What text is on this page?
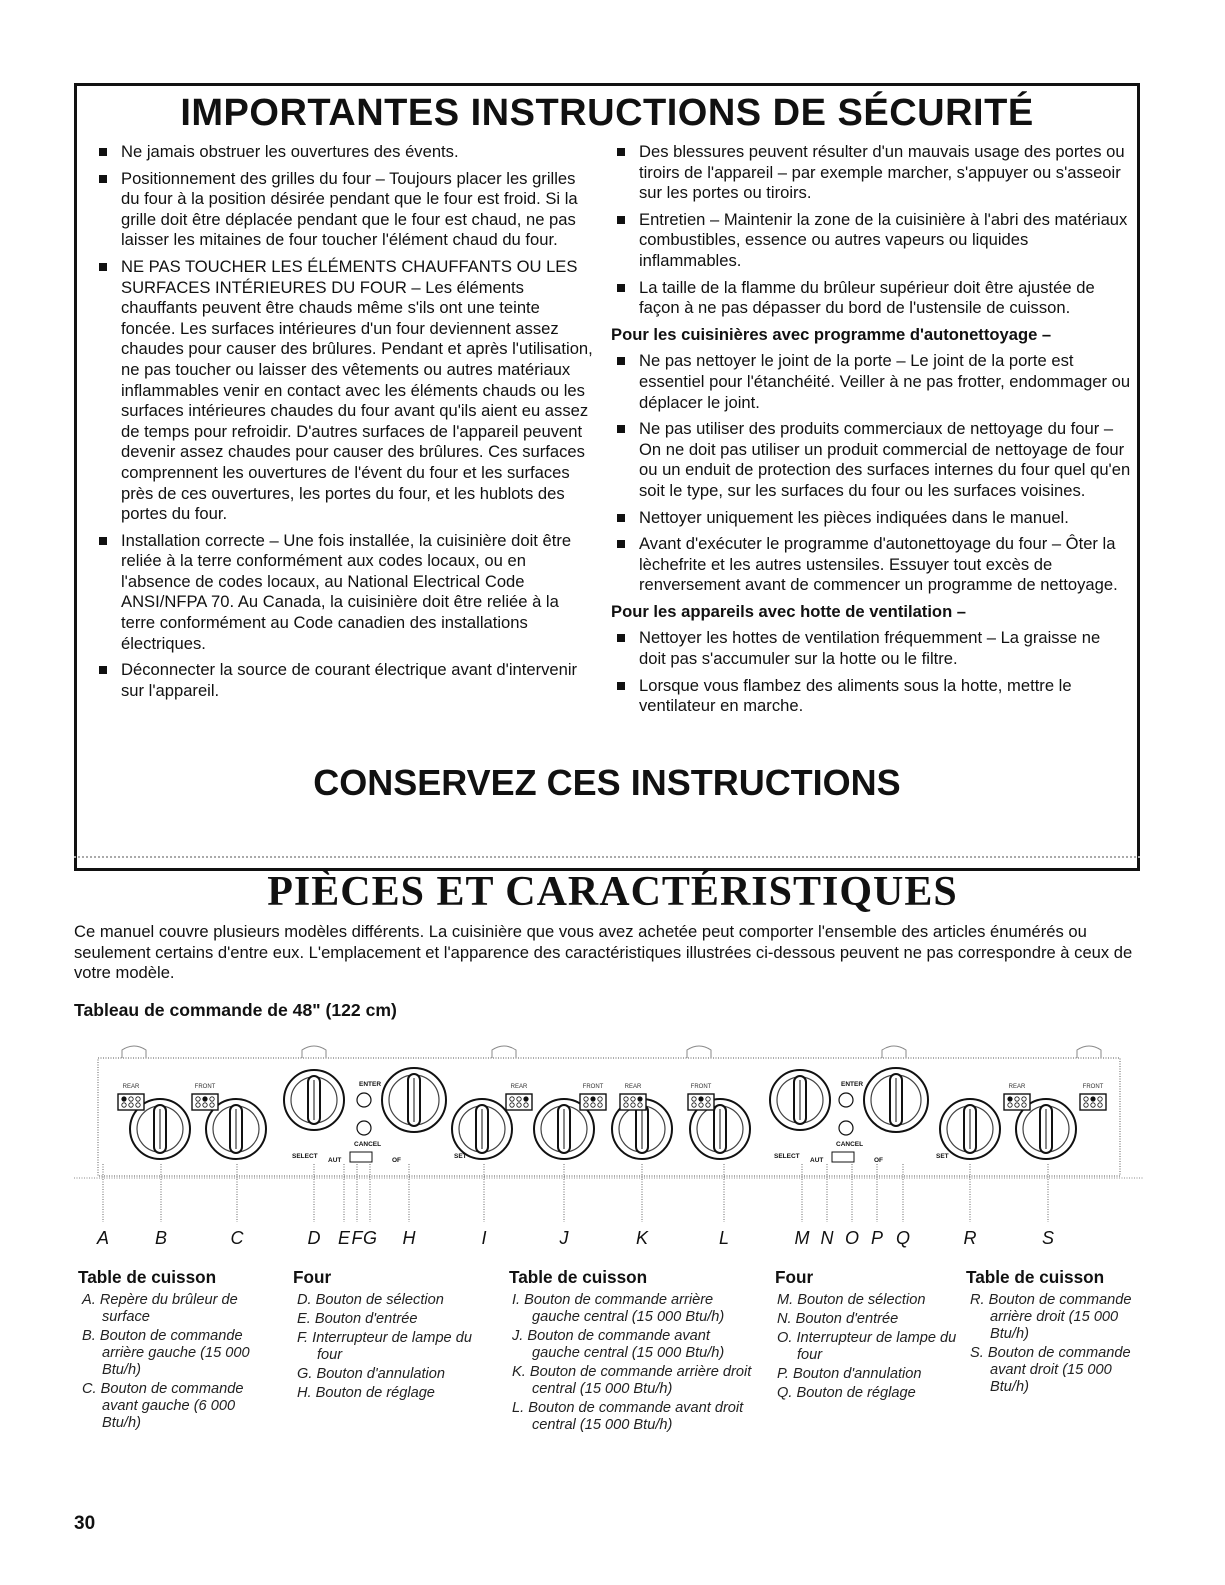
IMPORTANTES INSTRUCTIONS DE SÉCURITÉ
Ne jamais obstruer les ouvertures des évents.
Positionnement des grilles du four – Toujours placer les grilles du four à la position désirée pendant que le four est froid. Si la grille doit être déplacée pendant que le four est chaud, ne pas laisser les mitaines de four toucher l'élément chaud du four.
NE PAS TOUCHER LES ÉLÉMENTS CHAUFFANTS OU LES SURFACES INTÉRIEURES DU FOUR – Les éléments chauffants peuvent être chauds même s'ils ont une teinte foncée. Les surfaces intérieures d'un four deviennent assez chaudes pour causer des brûlures. Pendant et après l'utilisation, ne pas toucher ou laisser des vêtements ou autres matériaux inflammables venir en contact avec les éléments chauds ou les surfaces intérieures chaudes du four avant qu'ils aient eu assez de temps pour refroidir. D'autres surfaces de l'appareil peuvent devenir assez chaudes pour causer des brûlures. Ces surfaces comprennent les ouvertures de l'évent du four et les surfaces près de ces ouvertures, les portes du four, et les hublots des portes du four.
Installation correcte – Une fois installée, la cuisinière doit être reliée à la terre conformément aux codes locaux, ou en l'absence de codes locaux, au National Electrical Code ANSI/NFPA 70. Au Canada, la cuisinière doit être reliée à la terre conformément au Code canadien des installations électriques.
Déconnecter la source de courant électrique avant d'intervenir sur l'appareil.
Des blessures peuvent résulter d'un mauvais usage des portes ou tiroirs de l'appareil – par exemple marcher, s'appuyer ou s'asseoir sur les portes ou tiroirs.
Entretien – Maintenir la zone de la cuisinière à l'abri des matériaux combustibles, essence ou autres vapeurs ou liquides inflammables.
La taille de la flamme du brûleur supérieur doit être ajustée de façon à ne pas dépasser du bord de l'ustensile de cuisson.
Pour les cuisinières avec programme d'autonettoyage –
Ne pas nettoyer le joint de la porte – Le joint de la porte est essentiel pour l'étanchéité. Veiller à ne pas frotter, endommager ou déplacer le joint.
Ne pas utiliser des produits commerciaux de nettoyage du four – On ne doit pas utiliser un produit commercial de nettoyage de four ou un enduit de protection des surfaces internes du four quel qu'en soit le type, sur les surfaces du four ou les surfaces voisines.
Nettoyer uniquement les pièces indiquées dans le manuel.
Avant d'exécuter le programme d'autonettoyage du four – Ôter la lèchefrite et les autres ustensiles. Essuyer tout excès de renversement avant de commencer un programme de nettoyage.
Pour les appareils avec hotte de ventilation –
Nettoyer les hottes de ventilation fréquemment – La graisse ne doit pas s'accumuler sur la hotte ou le filtre.
Lorsque vous flambez des aliments sous la hotte, mettre le ventilateur en marche.
CONSERVEZ CES INSTRUCTIONS
PIÈCES ET CARACTÉRISTIQUES
Ce manuel couvre plusieurs modèles différents. La cuisinière que vous avez achetée peut comporter l'ensemble des articles énumérés ou seulement certains d'entre eux. L'emplacement et l'apparence des caractéristiques illustrées ci-dessous peuvent ne pas correspondre à ceux de votre modèle.
Tableau de commande de 48" (122 cm)
REAR	FRONT	REAR	FRONT	REAR	FRONT	REAR	FRONT
ENTER
CANCEL
SELECT	SET
AUT	OF
ENTER
CANCEL
SELECT	SET
AUT	OF
A	B	C	D E F G H	I	J	K	L	M N O P Q	R	S
Table de cuisson
A. Repère du brûleur de surface
B. Bouton de commande arrière gauche (15 000 Btu/h)
C. Bouton de commande avant gauche (6 000 Btu/h)
Four
D. Bouton de sélection
E. Bouton d'entrée
F. Interrupteur de lampe du four
G. Bouton d'annulation
H. Bouton de réglage
Table de cuisson
I. Bouton de commande arrière gauche central (15 000 Btu/h)
J. Bouton de commande avant gauche central (15 000 Btu/h)
K. Bouton de commande arrière droit central (15 000 Btu/h)
L. Bouton de commande avant droit central (15 000 Btu/h)
Four
M. Bouton de sélection
N. Bouton d'entrée
O. Interrupteur de lampe du four
P. Bouton d'annulation
Q. Bouton de réglage
Table de cuisson
R. Bouton de commande arrière droit (15 000 Btu/h)
S. Bouton de commande avant droit (15 000 Btu/h)
30
